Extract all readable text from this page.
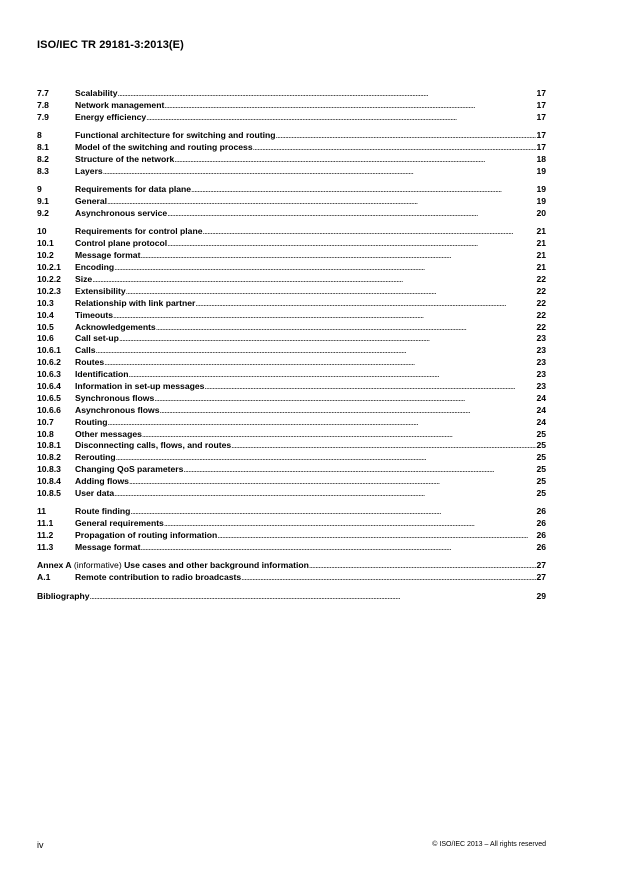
ISO/IEC TR 29181-3:2013(E)
7.7	Scalability . . .	17
7.8	Network management . . .	17
7.9	Energy efficiency . . .	17
8	Functional architecture for switching and routing . . .	17
8.1	Model of the switching and routing process . . .	17
8.2	Structure of the network . . .	18
8.3	Layers . . .	19
9	Requirements for data plane . . .	19
9.1	General . . .	19
9.2	Asynchronous service . . .	20
10	Requirements for control plane . . .	21
10.1	Control plane protocol . . .	21
10.2	Message format . . .	21
10.2.1	Encoding . . .	21
10.2.2	Size . . .	22
10.2.3	Extensibility . . .	22
10.3	Relationship with link partner . . .	22
10.4	Timeouts . . .	22
10.5	Acknowledgements . . .	22
10.6	Call set-up . . .	23
10.6.1	Calls . . .	23
10.6.2	Routes . . .	23
10.6.3	Identification . . .	23
10.6.4	Information in set-up messages . . .	23
10.6.5	Synchronous flows . . .	24
10.6.6	Asynchronous flows . . .	24
10.7	Routing . . .	24
10.8	Other messages . . .	25
10.8.1	Disconnecting calls, flows, and routes . . .	25
10.8.2	Rerouting . . .	25
10.8.3	Changing QoS parameters . . .	25
10.8.4	Adding flows . . .	25
10.8.5	User data . . .	25
11	Route finding . . .	26
11.1	General requirements . . .	26
11.2	Propagation of routing information . . .	26
11.3	Message format . . .	26
Annex A (informative) Use cases and other background information . . .	27
A.1	Remote contribution to radio broadcasts . . .	27
Bibliography . . .	29
iv	© ISO/IEC 2013 – All rights reserved
